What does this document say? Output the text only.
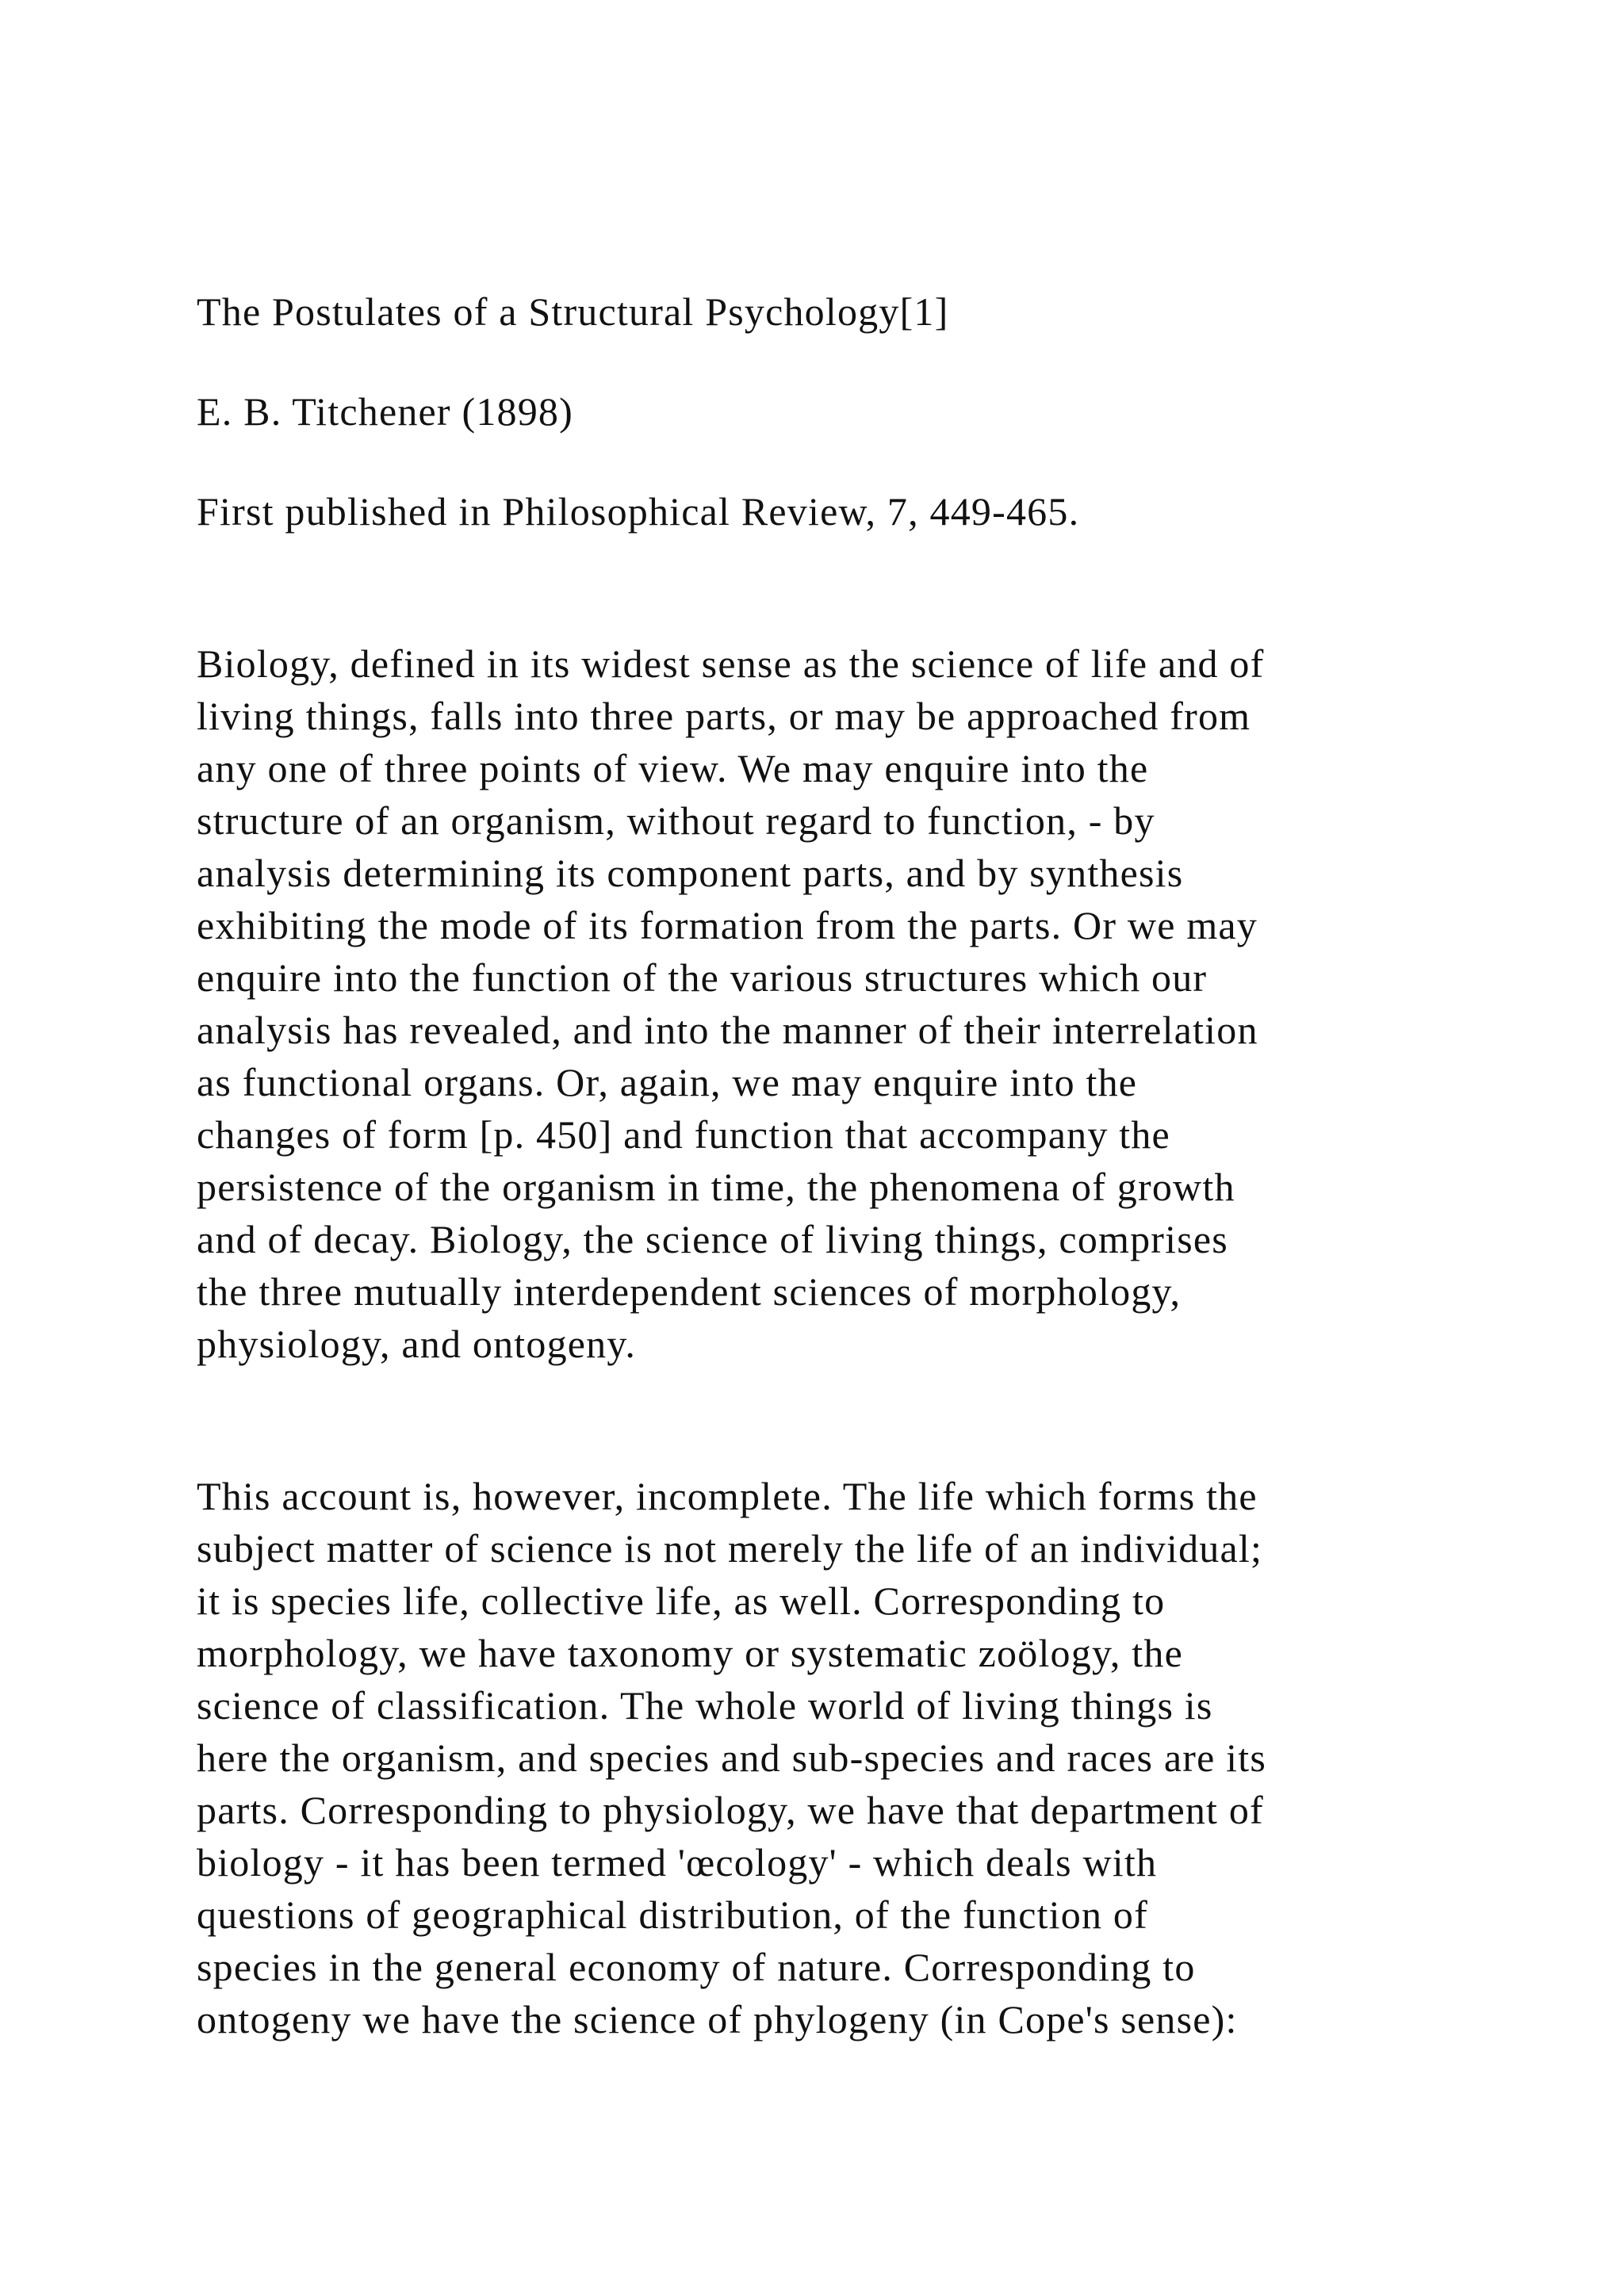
The Postulates of a Structural Psychology[1]

E. B. Titchener (1898)

First published in Philosophical Review, 7, 449-465.

Biology, defined in its widest sense as the science of life and of
living things, falls into three parts, or may be approached from
any one of three points of view. We may enquire into the
structure of an organism, without regard to function, - by
analysis determining its component parts, and by synthesis
exhibiting the mode of its formation from the parts. Or we may
enquire into the function of the various structures which our
analysis has revealed, and into the manner of their interrelation
as functional organs. Or, again, we may enquire into the
changes of form [p. 450] and function that accompany the
persistence of the organism in time, the phenomena of growth
and of decay. Biology, the science of living things, comprises
the three mutually interdependent sciences of morphology,
physiology, and ontogeny.

This account is, however, incomplete. The life which forms the
subject matter of science is not merely the life of an individual;
it is species life, collective life, as well. Corresponding to
morphology, we have taxonomy or systematic zoölogy, the
science of classification. The whole world of living things is
here the organism, and species and sub-species and races are its
parts. Corresponding to physiology, we have that department of
biology - it has been termed 'œcology' - which deals with
questions of geographical distribution, of the function of
species in the general economy of nature. Corresponding to
ontogeny we have the science of phylogeny (in Cope's sense):
